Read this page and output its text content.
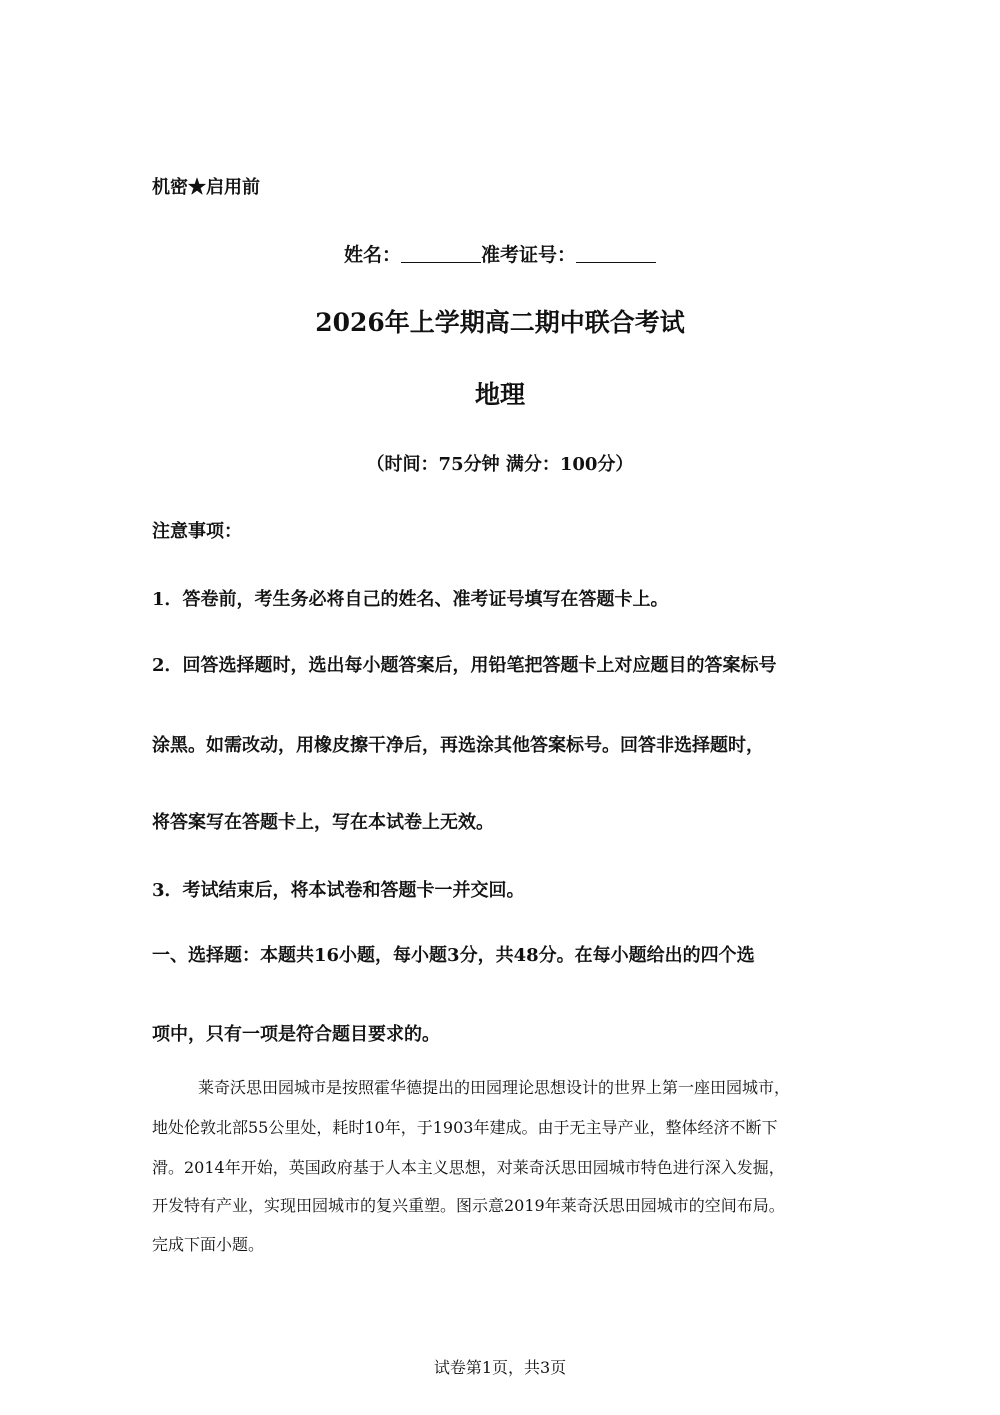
机密★启用前
姓名：	准考证号：
2026年上学期高二期中联合考试
地理
（时间：75分钟 满分：100分）
注意事项：
1．答卷前，考生务必将自己的姓名、准考证号填写在答题卡上。
2．回答选择题时，选出每小题答案后，用铅笔把答题卡上对应题目的答案标号
涂黑。如需改动，用橡皮擦干净后，再选涂其他答案标号。回答非选择题时，
将答案写在答题卡上，写在本试卷上无效。
3．考试结束后，将本试卷和答题卡一并交回。
一、选择题：本题共16小题，每小题3分，共48分。在每小题给出的四个选
项中，只有一项是符合题目要求的。
莱奇沃思田园城市是按照霍华德提出的田园理论思想设计的世界上第一座田园城市，
地处伦敦北部55公里处，耗时10年，于1903年建成。由于无主导产业，整体经济不断下
滑。2014年开始，英国政府基于人本主义思想，对莱奇沃思田园城市特色进行深入发掘，
开发特有产业，实现田园城市的复兴重塑。图示意2019年莱奇沃思田园城市的空间布局。
完成下面小题。
试卷第1页，共3页
